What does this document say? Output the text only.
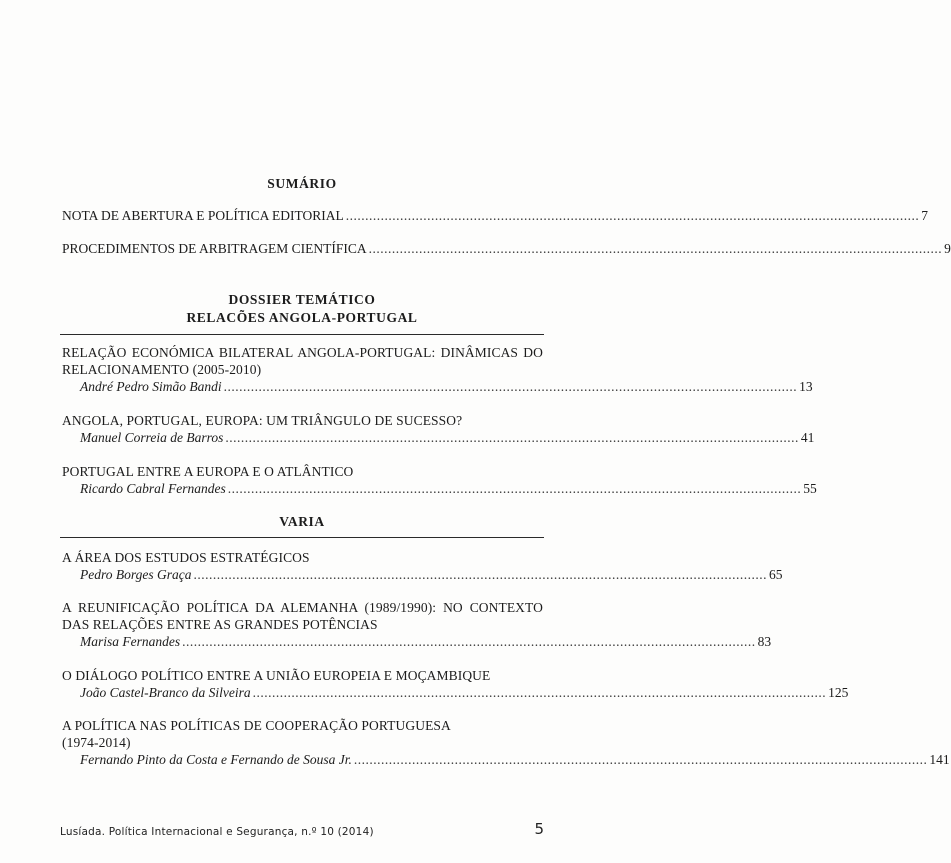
SUMÁRIO
NOTA DE ABERTURA E POLÍTICA EDITORIAL .................................................................................................................................................... 7
PROCEDIMENTOS DE ARBITRAGEM CIENTÍFICA .................................................................................................................................................... 9
DOSSIER TEMÁTICO
RELACÕES ANGOLA-PORTUGAL
RELAÇÃO ECONÓMICA BILATERAL ANGOLA-PORTUGAL: DINÂMICAS DO RELACIONAMENTO (2005-2010)
André Pedro Simão Bandi .................................................................................................................................................... 13
ANGOLA, PORTUGAL, EUROPA: UM TRIÂNGULO DE SUCESSO?
Manuel Correia de Barros .................................................................................................................................................... 41
PORTUGAL ENTRE A EUROPA E O ATLÂNTICO
Ricardo Cabral Fernandes .................................................................................................................................................... 55
VARIA
A ÁREA DOS ESTUDOS ESTRATÉGICOS
Pedro Borges Graça .................................................................................................................................................... 65
A REUNIFICAÇÃO POLÍTICA DA ALEMANHA (1989/1990): NO CONTEXTO DAS RELAÇÕES ENTRE AS GRANDES POTÊNCIAS
Marisa Fernandes .................................................................................................................................................... 83
O DIÁLOGO POLÍTICO ENTRE A UNIÃO EUROPEIA E MOÇAMBIQUE
João Castel-Branco da Silveira .................................................................................................................................................... 125
A POLÍTICA NAS POLÍTICAS DE COOPERAÇÃO PORTUGUESA (1974-2014)
Fernando Pinto da Costa e Fernando de Sousa Jr. .................................................................................................................................................... 141
Lusíada. Política Internacional e Segurança, n.º 10 (2014)	5
